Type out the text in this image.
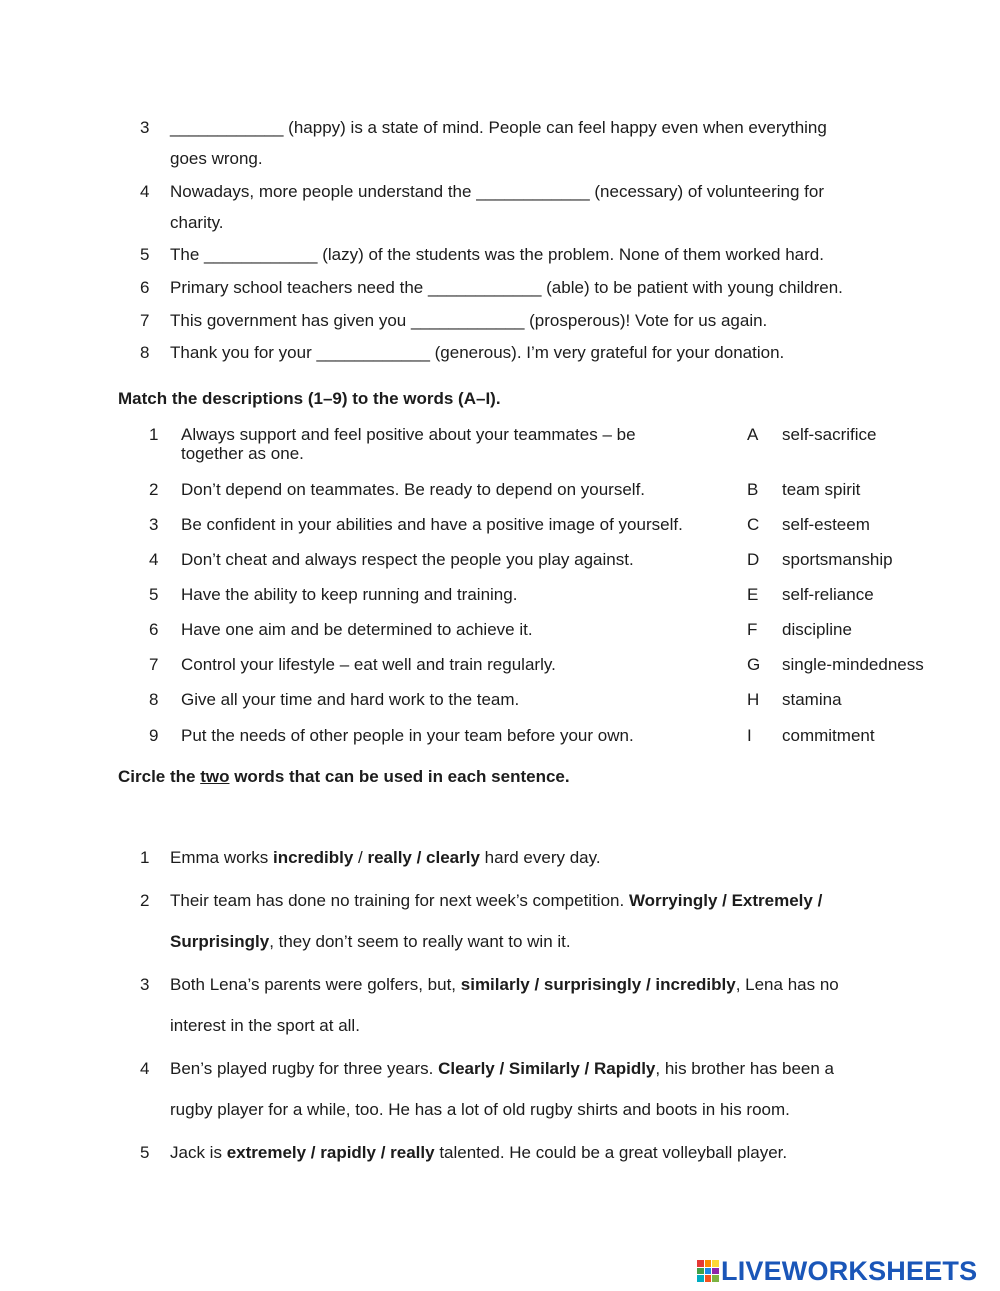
3 ____________ (happy) is a state of mind. People can feel happy even when everything
goes wrong.
4 Nowadays, more people understand the ____________ (necessary) of volunteering for
charity.
5 The ____________ (lazy) of the students was the problem. None of them worked hard.
6 Primary school teachers need the ____________ (able) to be patient with young children.
7 This government has given you ____________ (prosperous)! Vote for us again.
8 Thank you for your ____________ (generous). I’m very grateful for your donation.
Match the descriptions (1–9) to the words (A–I).
1 Always support and feel positive about your teammates – be
together as one.
2 Don’t depend on teammates. Be ready to depend on yourself.
3 Be confident in your abilities and have a positive image of yourself.
4 Don’t cheat and always respect the people you play against.
5 Have the ability to keep running and training.
6 Have one aim and be determined to achieve it.
7 Control your lifestyle – eat well and train regularly.
8 Give all your time and hard work to the team.
9 Put the needs of other people in your team before your own.
A self-sacrifice
B team spirit
C self-esteem
D sportsmanship
E self-reliance
F discipline
G single-mindedness
H stamina
I commitment
Circle the two words that can be used in each sentence.
1 Emma works incredibly / really / clearly hard every day.
2 Their team has done no training for next week’s competition. Worryingly / Extremely /
Surprisingly, they don’t seem to really want to win it.
3 Both Lena’s parents were golfers, but, similarly / surprisingly / incredibly, Lena has no
interest in the sport at all.
4 Ben’s played rugby for three years. Clearly / Similarly / Rapidly, his brother has been a
rugby player for a while, too. He has a lot of old rugby shirts and boots in his room.
5 Jack is extremely / rapidly / really talented. He could be a great volleyball player.
LIVEWORKSHEETS
